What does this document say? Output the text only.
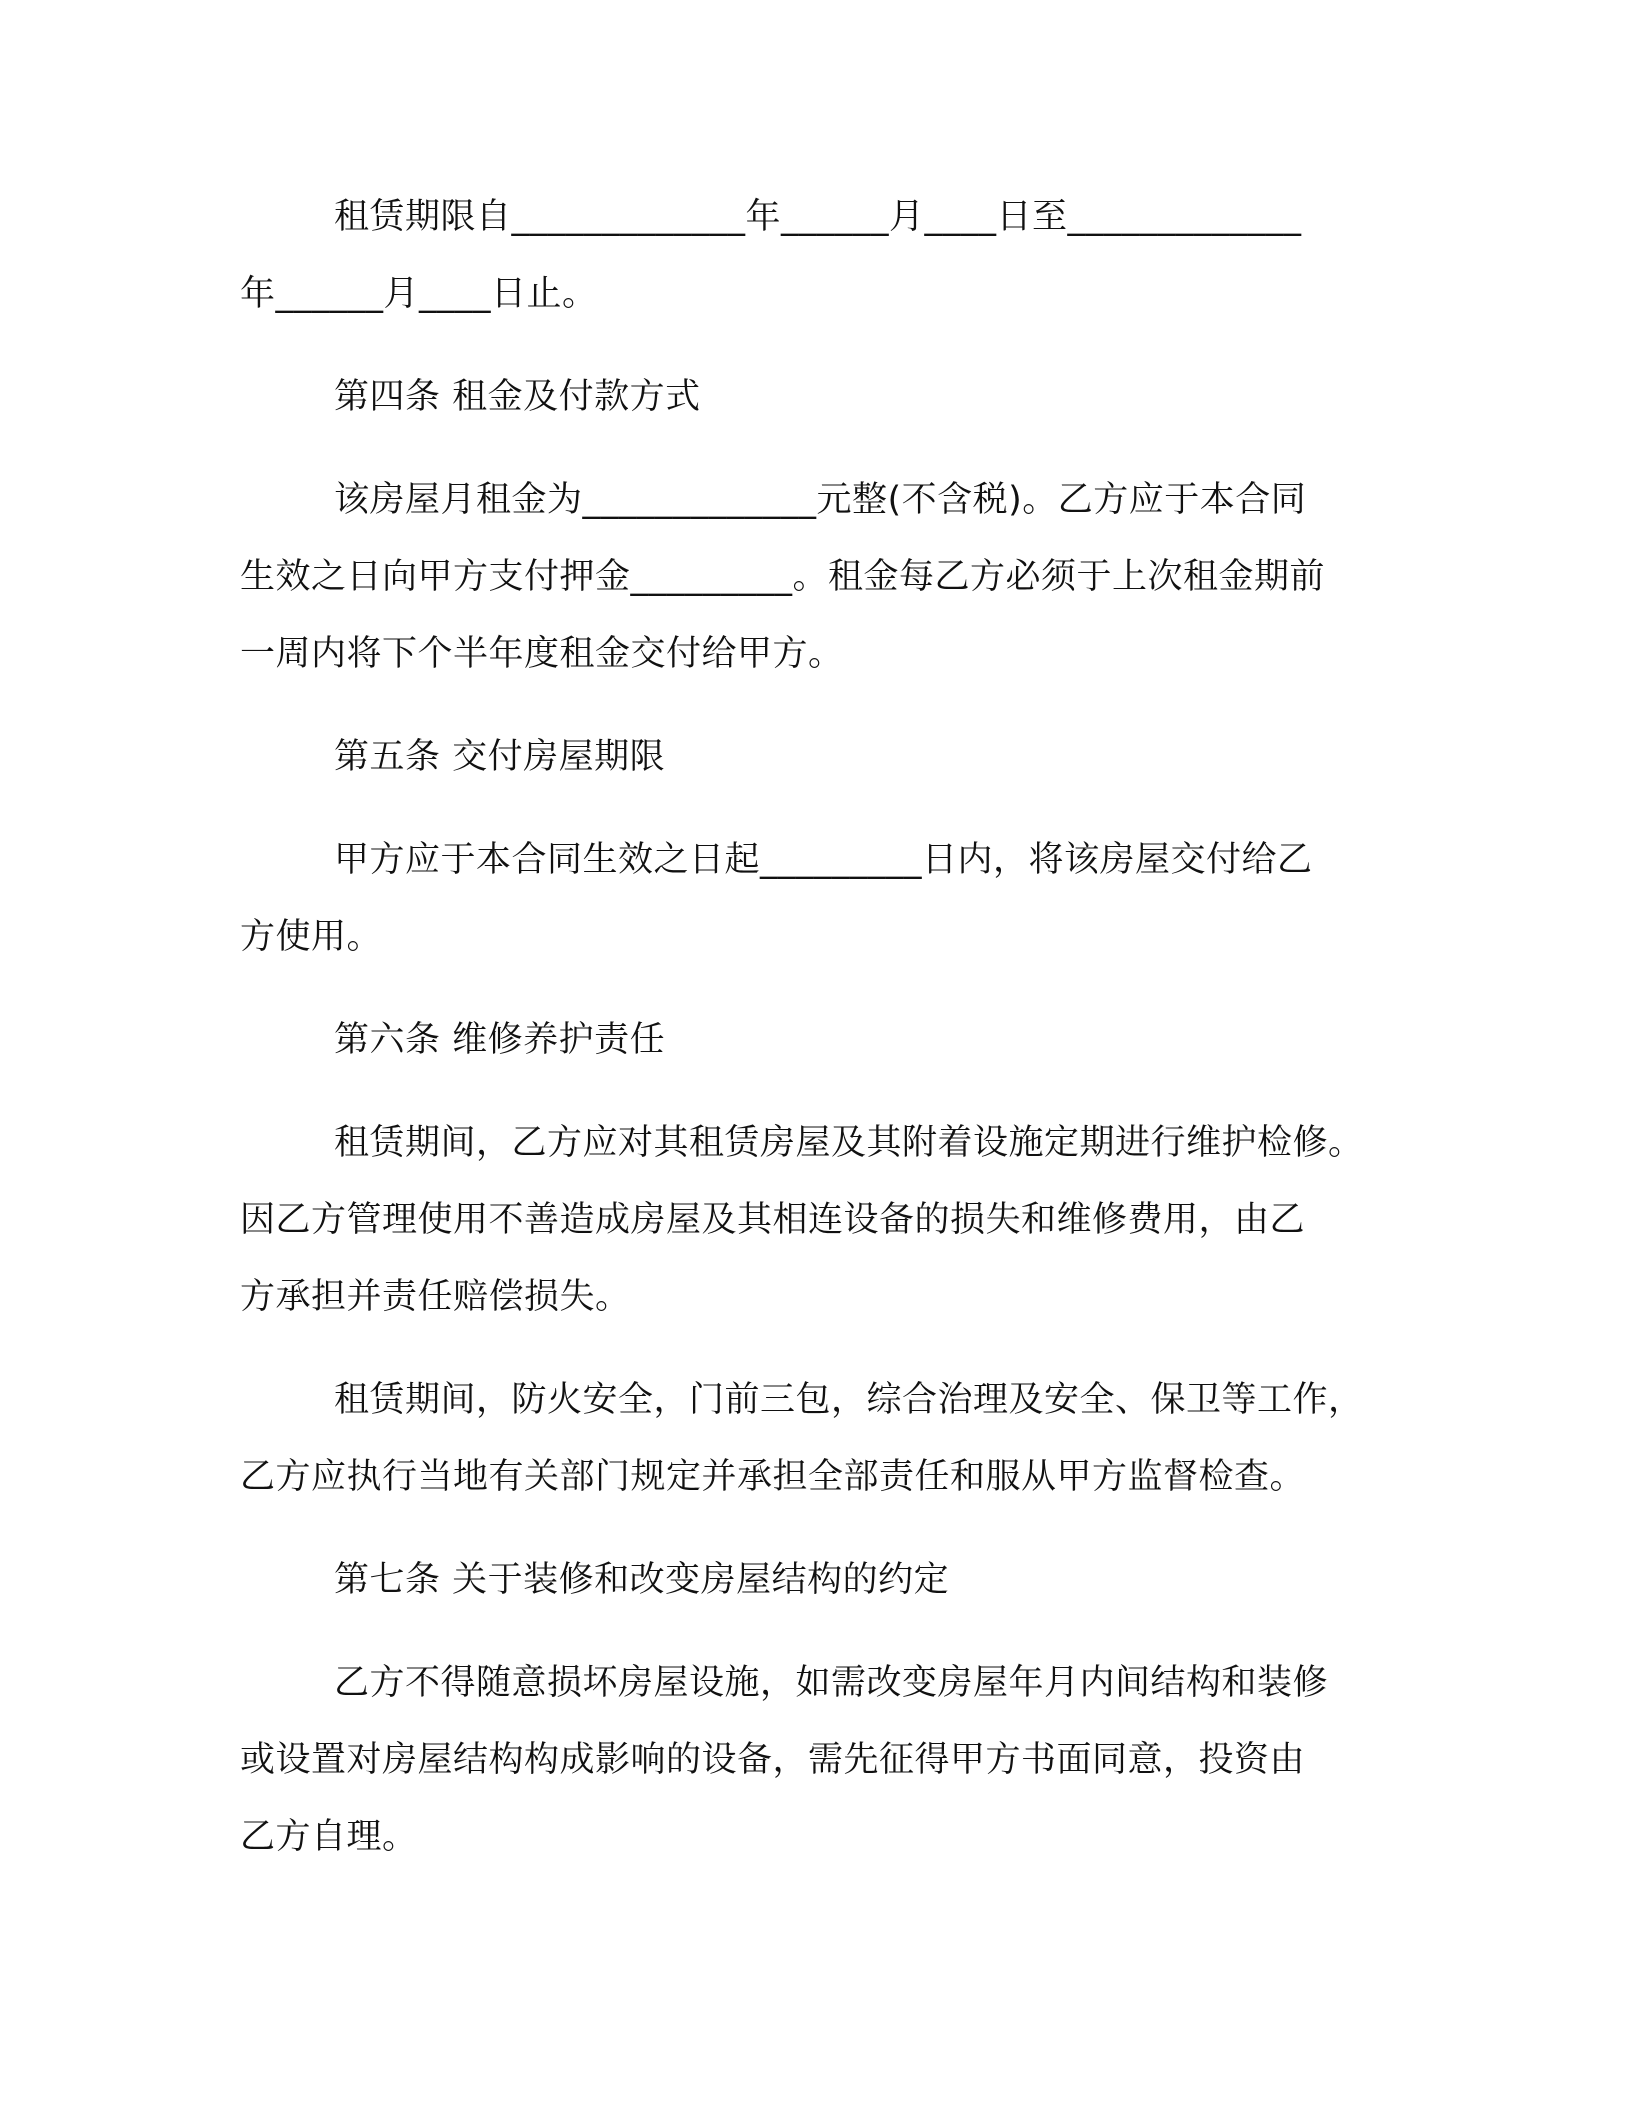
租赁期限自_____________年______月____日至_____________
年______月____日止。
第四条 租金及付款方式
该房屋月租金为_____________元整(不含税)。乙方应于本合同
生效之日向甲方支付押金_________。租金每乙方必须于上次租金期前
一周内将下个半年度租金交付给甲方。
第五条 交付房屋期限
甲方应于本合同生效之日起_________日内，将该房屋交付给乙
方使用。
第六条 维修养护责任
租赁期间，乙方应对其租赁房屋及其附着设施定期进行维护检修。
因乙方管理使用不善造成房屋及其相连设备的损失和维修费用，由乙
方承担并责任赔偿损失。
租赁期间，防火安全，门前三包，综合治理及安全、保卫等工作，
乙方应执行当地有关部门规定并承担全部责任和服从甲方监督检查。
第七条 关于装修和改变房屋结构的约定
乙方不得随意损坏房屋设施，如需改变房屋年月内间结构和装修
或设置对房屋结构构成影响的设备，需先征得甲方书面同意，投资由
乙方自理。
